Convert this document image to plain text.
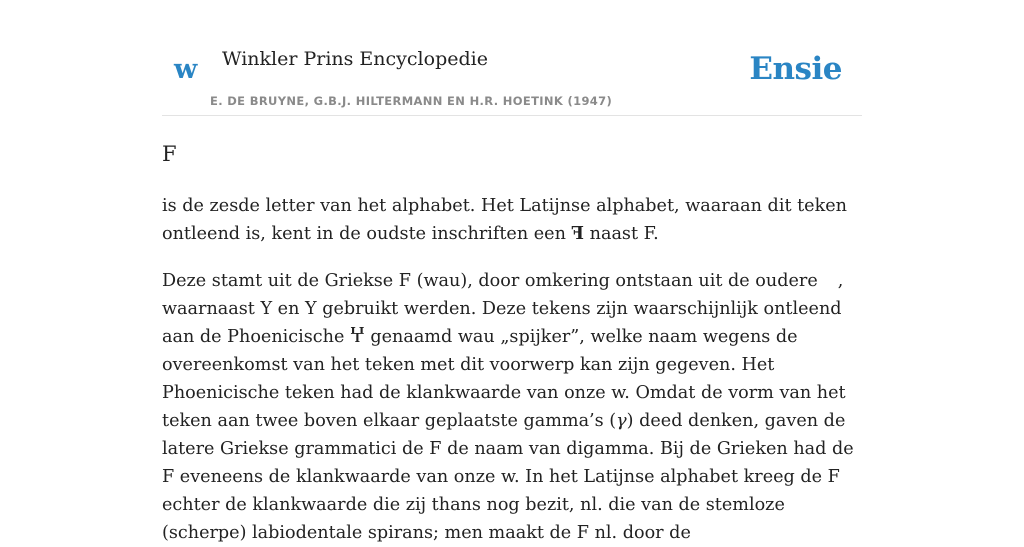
w Winkler Prins Encyclopedie
E. DE BRUYNE, G.B.J. HILTERMANN EN H.R. HOETINK (1947)
Ensie
F

is de zesde letter van het alphabet. Het Latijnse alphabet, waaraan dit teken ontleend is, kent in de oudste inschriften een ꟻ naast F.

Deze stamt uit de Griekse F (wau), door omkering ontstaan uit de oudere , waarnaast Y en Y gebruikt werden. Deze tekens zijn waarschijnlijk ontleend aan de Phoenicische Ⴤ genaamd wau „spijker”, welke naam wegens de overeenkomst van het teken met dit voorwerp kan zijn gegeven. Het Phoenicische teken had de klankwaarde van onze w. Omdat de vorm van het teken aan twee boven elkaar geplaatste gamma’s (γ) deed denken, gaven de latere Griekse grammatici de F de naam van digamma. Bij de Grieken had de F eveneens de klankwaarde van onze w. In het Latijnse alphabet kreeg de F echter de klankwaarde die zij thans nog bezit, nl. die van de stemloze (scherpe) labiodentale spirans; men maakt de F nl. door de
